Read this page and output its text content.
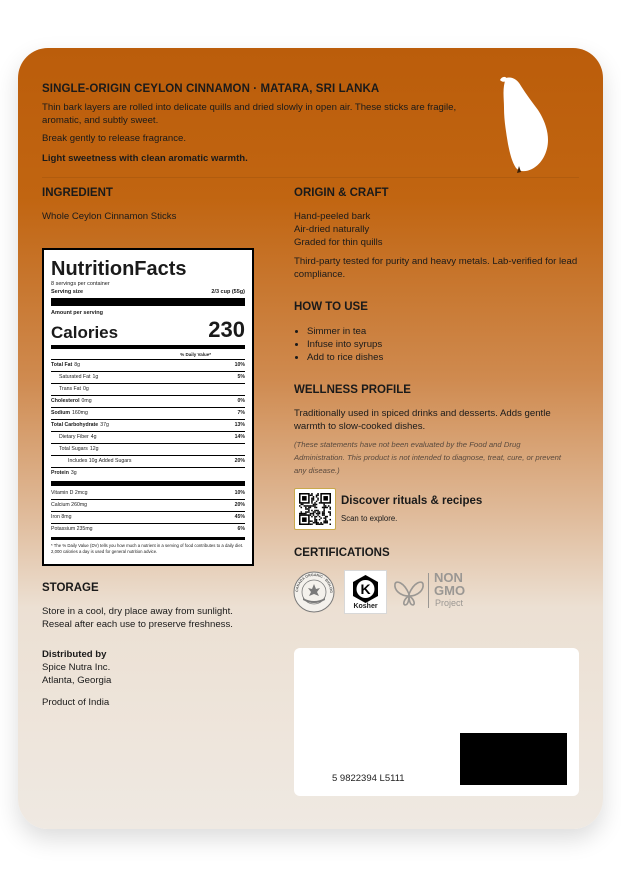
SINGLE-ORIGIN CEYLON CINNAMON · MATARA, SRI LANKA
Thin bark layers are rolled into delicate quills and dried slowly in open air. These sticks are fragile, aromatic, and subtly sweet.
Break gently to release fragrance.
Light sweetness with clean aromatic warmth.
INGREDIENT
Whole Ceylon Cinnamon Sticks
NutritionFacts
8 servings per container
Serving size	2/3 cup (55g)
Amount per serving
Calories	230
% Daily Value*
Total Fat 8g	10%
Saturated Fat 1g	5%
Trans Fat 0g
Cholesterol 0mg	0%
Sodium 160mg	7%
Total Carbohydrate 37g	13%
Dietary Fiber 4g	14%
Total Sugars 12g
Includes 10g Added Sugars	20%
Protein 3g
Vitamin D 2mcg	10%
Calcium 260mg	20%
Iron 8mg	45%
Potassium 235mg	6%
* The % Daily Value (DV) tells you how much a nutrient in a serving of food contributes to a daily diet. 2,000 calories a day is used for general nutrition advice.
STORAGE
Store in a cool, dry place away from sunlight. Reseal after each use to preserve freshness.
Distributed by
Spice Nutra Inc.
Atlanta, Georgia
Product of India
ORIGIN & CRAFT
Hand-peeled bark
Air-dried naturally
Graded for thin quills
Third-party tested for purity and heavy metals. Lab-verified for lead compliance.
HOW TO USE
• Simmer in tea
• Infuse into syrups
• Add to rice dishes
WELLNESS PROFILE
Traditionally used in spiced drinks and desserts. Adds gentle warmth to slow-cooked dishes.
(These statements have not been evaluated by the Food and Drug Administration. This product is not intended to diagnose, treat, cure, or prevent any disease.)
Discover rituals & recipes
Scan to explore.
CERTIFICATIONS
CANADA ORGANIC · BIOLOG K
Kosher
NON
GMO
Project
5 9822394 L5111
